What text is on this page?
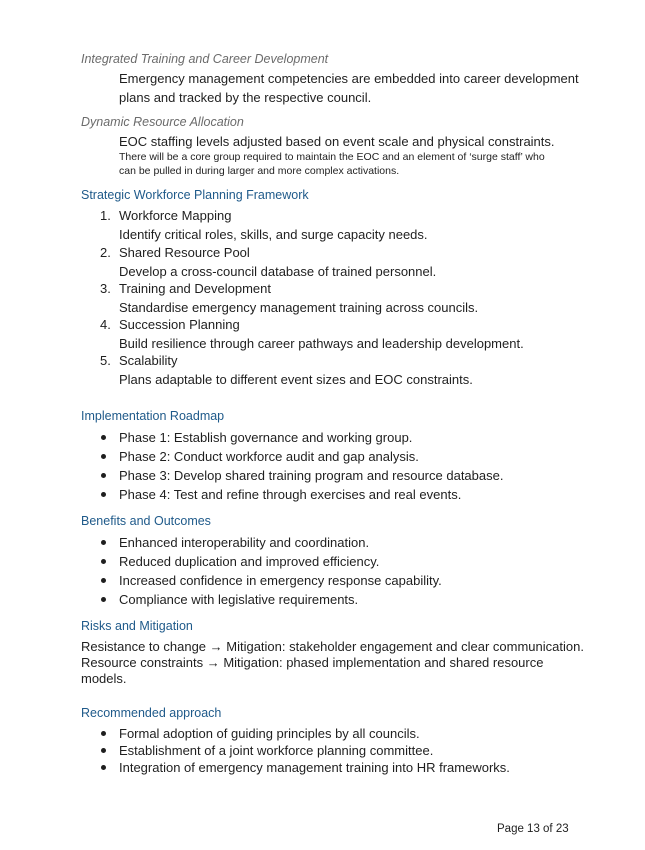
Integrated Training and Career Development
Emergency management competencies are embedded into career development
plans and tracked by the respective council.
Dynamic Resource Allocation
EOC staffing levels adjusted based on event scale and physical constraints.
There will be a core group required to maintain the EOC and an element of ‘surge staff’ who
can be pulled in during larger and more complex activations.
Strategic Workforce Planning Framework
1. Workforce Mapping
Identify critical roles, skills, and surge capacity needs.
2. Shared Resource Pool
Develop a cross-council database of trained personnel.
3. Training and Development
Standardise emergency management training across councils.
4. Succession Planning
Build resilience through career pathways and leadership development.
5. Scalability
Plans adaptable to different event sizes and EOC constraints.
Implementation Roadmap
Phase 1: Establish governance and working group.
Phase 2: Conduct workforce audit and gap analysis.
Phase 3: Develop shared training program and resource database.
Phase 4: Test and refine through exercises and real events.
Benefits and Outcomes
Enhanced interoperability and coordination.
Reduced duplication and improved efficiency.
Increased confidence in emergency response capability.
Compliance with legislative requirements.
Risks and Mitigation
Resistance to change → Mitigation: stakeholder engagement and clear communication.
Resource constraints → Mitigation: phased implementation and shared resource
models.
Recommended approach
Formal adoption of guiding principles by all councils.
Establishment of a joint workforce planning committee.
Integration of emergency management training into HR frameworks.
Page 13 of 23
